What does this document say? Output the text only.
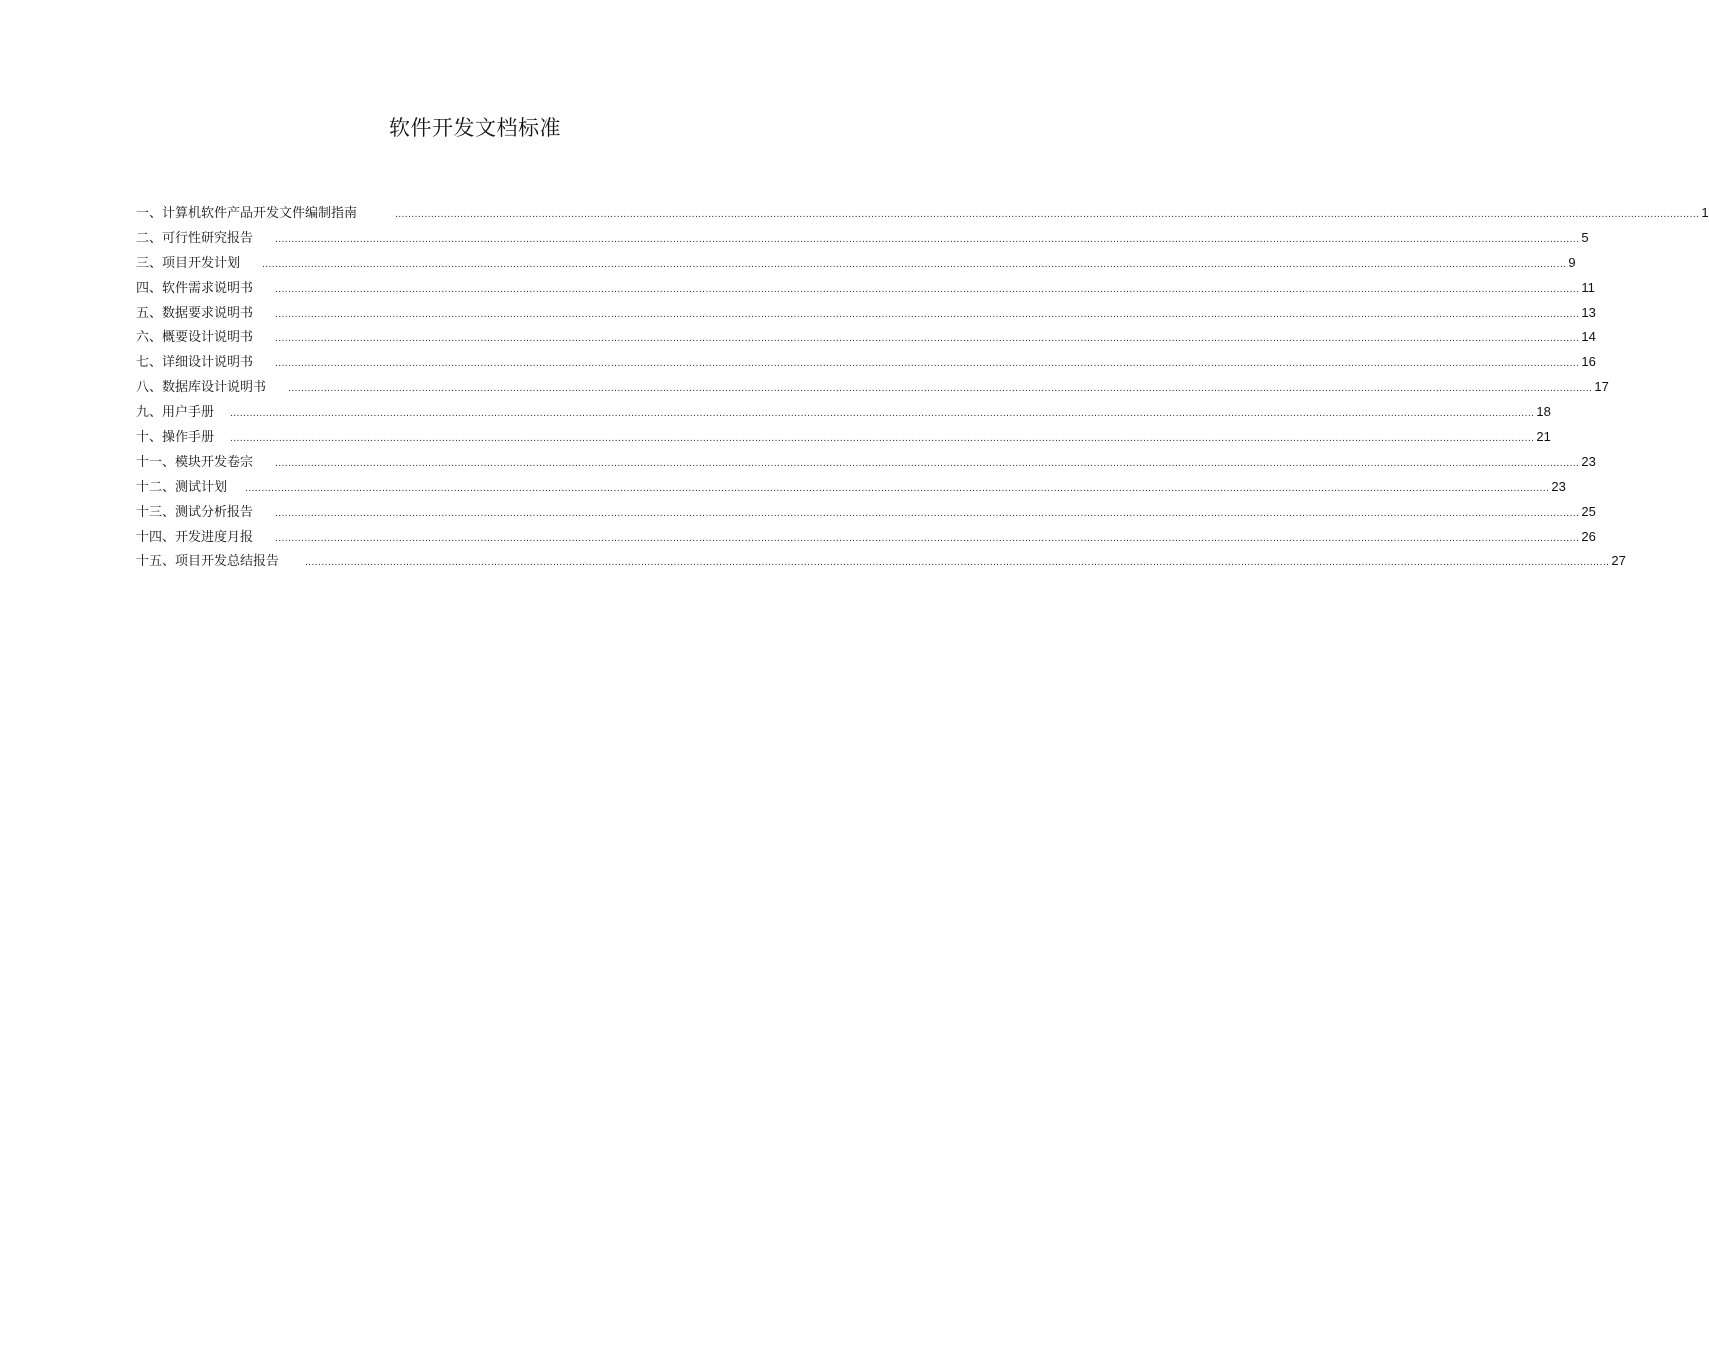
软件开发文档标准
一、计算机软件产品开发文件编制指南	................................................................................................................................................................................................................................................................................................................................................................................................................ 1
二、可行性研究报告 ................................................................................................................................................................................................................................................................................................................................................................................................................ 5
三、项目开发计划 ................................................................................................................................................................................................................................................................................................................................................................................................................ 9
四、软件需求说明书 ................................................................................................................................................................................................................................................................................................................................................................................................................ 11
五、数据要求说明书 ................................................................................................................................................................................................................................................................................................................................................................................................................ 13
六、概要设计说明书 ................................................................................................................................................................................................................................................................................................................................................................................................................ 14
七、详细设计说明书 ................................................................................................................................................................................................................................................................................................................................................................................................................ 16
八、数据库设计说明书 ................................................................................................................................................................................................................................................................................................................................................................................................................ 17
九、用户手册 ................................................................................................................................................................................................................................................................................................................................................................................................................ 18
十、操作手册 ................................................................................................................................................................................................................................................................................................................................................................................................................ 21
十一、模块开发卷宗 ................................................................................................................................................................................................................................................................................................................................................................................................................ 23
十二、测试计划 ................................................................................................................................................................................................................................................................................................................................................................................................................ 23
十三、测试分析报告 ................................................................................................................................................................................................................................................................................................................................................................................................................ 25
十四、开发进度月报 ................................................................................................................................................................................................................................................................................................................................................................................................................ 26
十五、项目开发总结报告	................................................................................................................................................................................................................................................................................................................................................................................................................ 27
